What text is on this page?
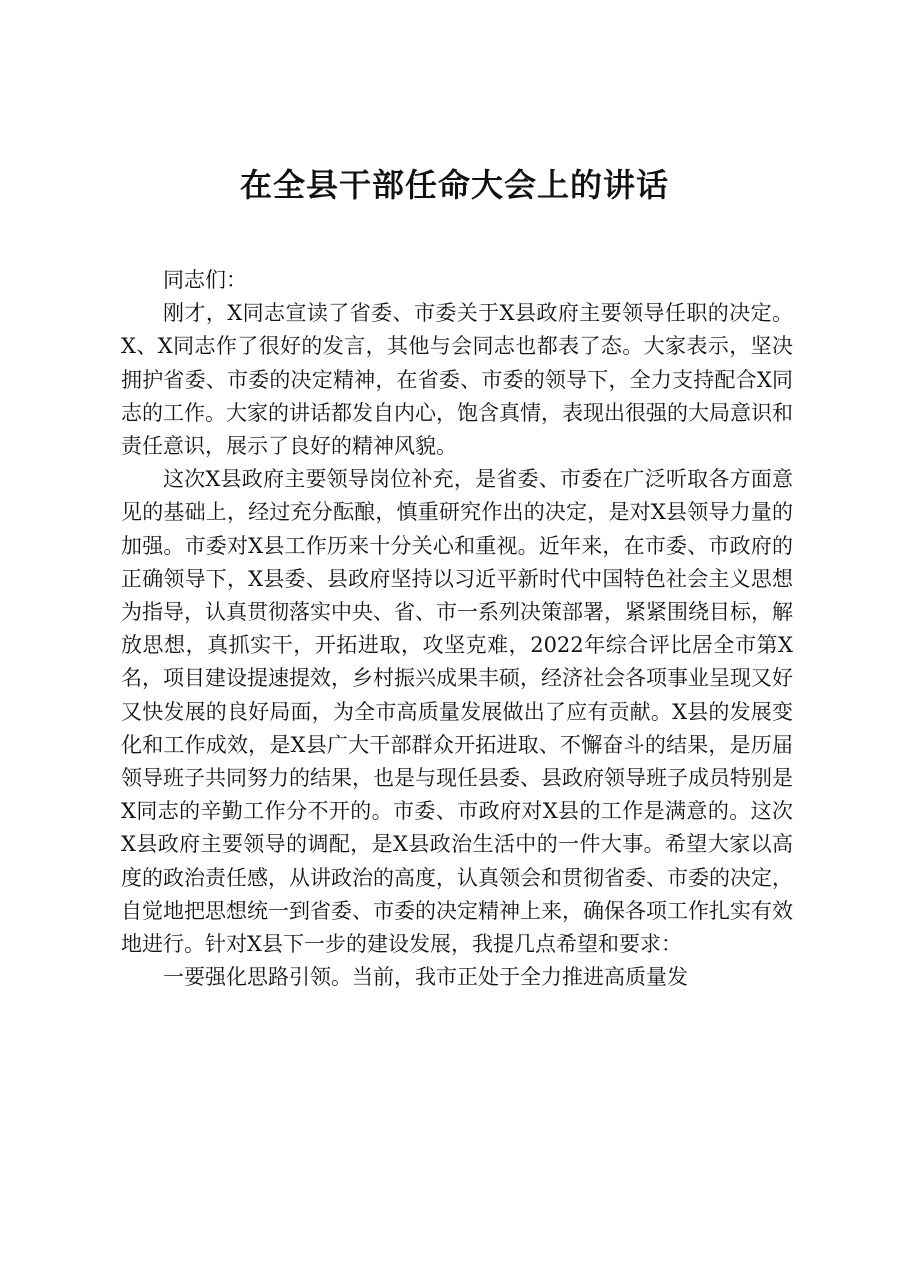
在全县干部任命大会上的讲话

同志们：

刚才，X同志宣读了省委、市委关于X县政府主要领导任职的决定。X、X同志作了很好的发言，其他与会同志也都表了态。大家表示，坚决拥护省委、市委的决定精神，在省委、市委的领导下，全力支持配合X同志的工作。大家的讲话都发自内心，饱含真情，表现出很强的大局意识和责任意识，展示了良好的精神风貌。

这次X县政府主要领导岗位补充，是省委、市委在广泛听取各方面意见的基础上，经过充分酝酿，慎重研究作出的决定，是对X县领导力量的加强。市委对X县工作历来十分关心和重视。近年来，在市委、市政府的正确领导下，X县委、县政府坚持以习近平新时代中国特色社会主义思想为指导，认真贯彻落实中央、省、市一系列决策部署，紧紧围绕目标，解放思想，真抓实干，开拓进取，攻坚克难，2022年综合评比居全市第X名，项目建设提速提效，乡村振兴成果丰硕，经济社会各项事业呈现又好又快发展的良好局面，为全市高质量发展做出了应有贡献。X县的发展变化和工作成效，是X县广大干部群众开拓进取、不懈奋斗的结果，是历届领导班子共同努力的结果，也是与现任县委、县政府领导班子成员特别是X同志的辛勤工作分不开的。市委、市政府对X县的工作是满意的。这次X县政府主要领导的调配，是X县政治生活中的一件大事。希望大家以高度的政治责任感，从讲政治的高度，认真领会和贯彻省委、市委的决定，自觉地把思想统一到省委、市委的决定精神上来，确保各项工作扎实有效地进行。针对X县下一步的建设发展，我提几点希望和要求：

一要强化思路引领。当前，我市正处于全力推进高质量发
